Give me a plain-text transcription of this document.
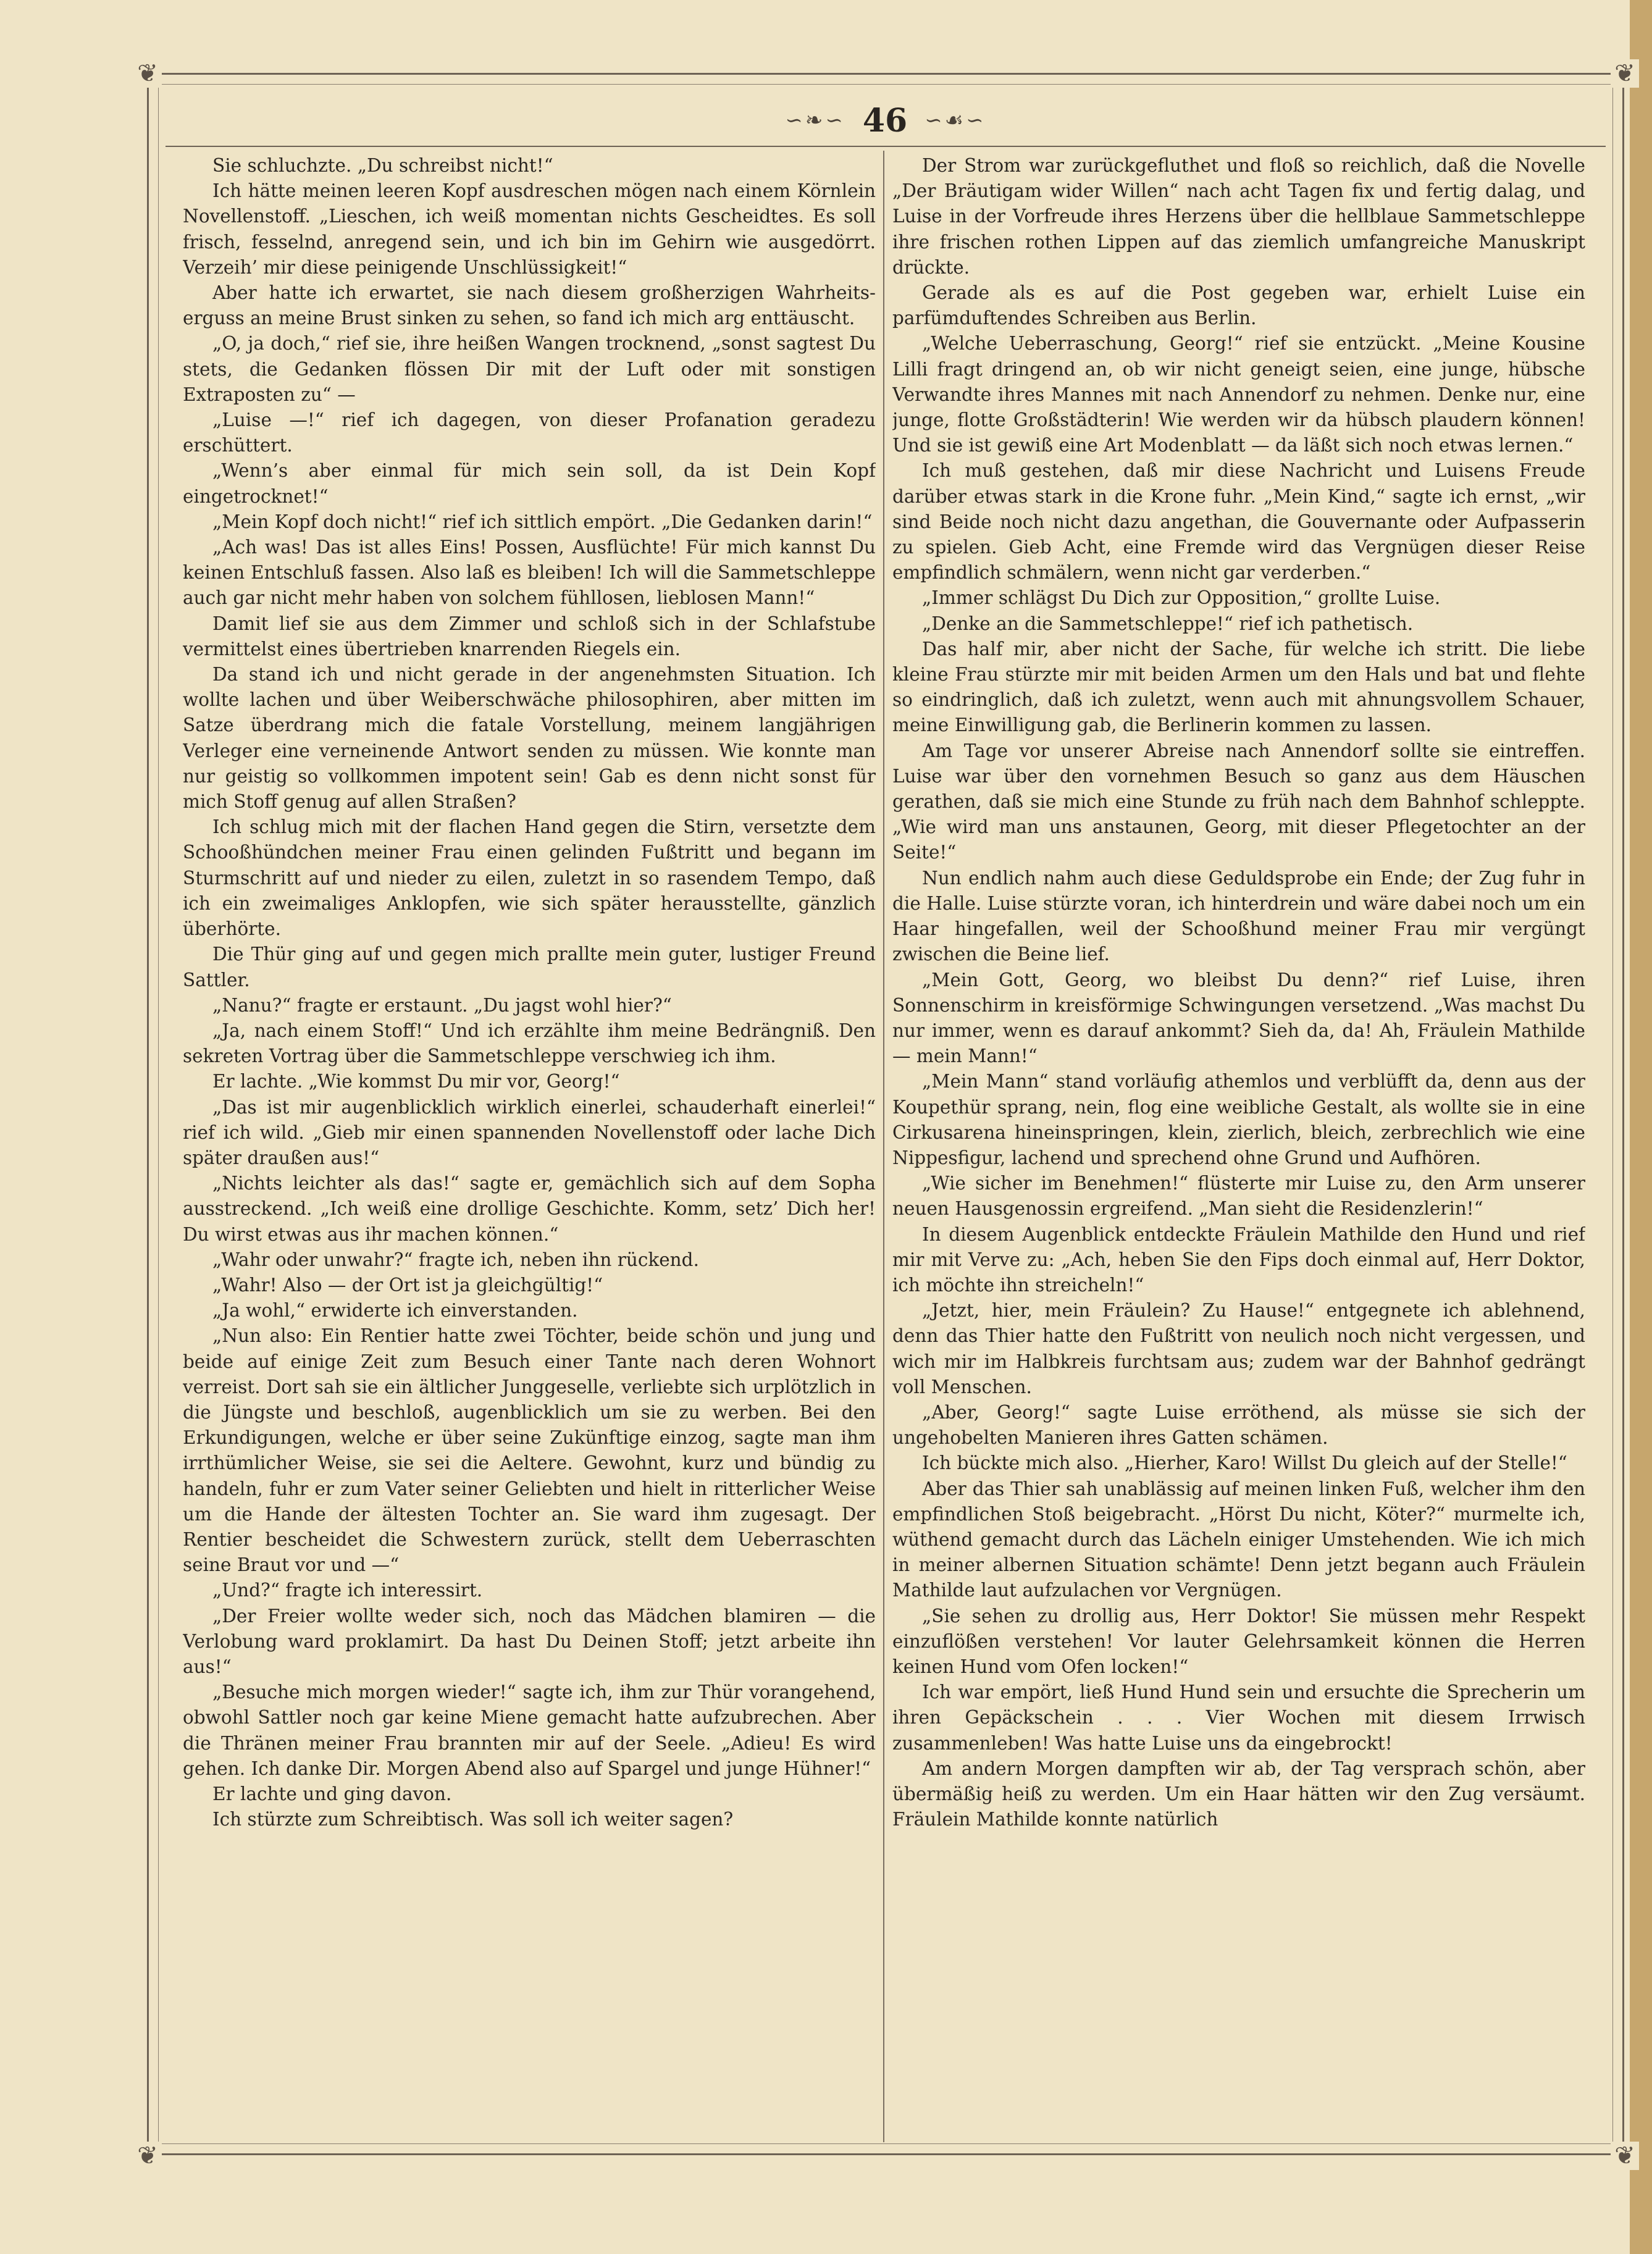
❦	❦
❦	❦
∽❧∽ 46 ∽☙∽

Sie schluchzte. „Du schreibst nicht!“

Ich hätte meinen leeren Kopf ausdreschen mögen nach einem Körnlein Novellenstoff. „Lieschen, ich weiß momentan nichts Gescheidtes. Es soll frisch, fesselnd, anregend sein, und ich bin im Gehirn wie ausgedörrt. Verzeih’ mir diese peinigende Unschlüssigkeit!“

Aber hatte ich erwartet, sie nach diesem großherzigen Wahrheitserguss an meine Brust sinken zu sehen, so fand ich mich arg enttäuscht.

„O, ja doch,“ rief sie, ihre heißen Wangen trocknend, „sonst sagtest Du stets, die Gedanken flössen Dir mit der Luft oder mit sonstigen Extraposten zu“ —

„Luise —!“ rief ich dagegen, von dieser Profanation geradezu erschüttert.

„Wenn’s aber einmal für mich sein soll, da ist Dein Kopf eingetrocknet!“

„Mein Kopf doch nicht!“ rief ich sittlich empört. „Die Gedanken darin!“

„Ach was! Das ist alles Eins! Possen, Ausflüchte! Für mich kannst Du keinen Entschluß fassen. Also laß es bleiben! Ich will die Sammetschleppe auch gar nicht mehr haben von solchem fühllosen, lieblosen Mann!“

Damit lief sie aus dem Zimmer und schloß sich in der Schlafstube vermittelst eines übertrieben knarrenden Riegels ein.

Da stand ich und nicht gerade in der angenehmsten Situation. Ich wollte lachen und über Weiberschwäche philosophiren, aber mitten im Satze überdrang mich die fatale Vorstellung, meinem langjährigen Verleger eine verneinende Antwort senden zu müssen. Wie konnte man nur geistig so vollkommen impotent sein! Gab es denn nicht sonst für mich Stoff genug auf allen Straßen?

Ich schlug mich mit der flachen Hand gegen die Stirn, versetzte dem Schooßhündchen meiner Frau einen gelinden Fußtritt und begann im Sturmschritt auf und nieder zu eilen, zuletzt in so rasendem Tempo, daß ich ein zweimaliges Anklopfen, wie sich später herausstellte, gänzlich überhörte.

Die Thür ging auf und gegen mich prallte mein guter, lustiger Freund Sattler.

„Nanu?“ fragte er erstaunt. „Du jagst wohl hier?“

„Ja, nach einem Stoff!“ Und ich erzählte ihm meine Bedrängniß. Den sekreten Vortrag über die Sammetschleppe verschwieg ich ihm.

Er lachte. „Wie kommst Du mir vor, Georg!“

„Das ist mir augenblicklich wirklich einerlei, schauderhaft einerlei!“ rief ich wild. „Gieb mir einen spannenden Novellenstoff oder lache Dich später draußen aus!“

„Nichts leichter als das!“ sagte er, gemächlich sich auf dem Sopha ausstreckend. „Ich weiß eine drollige Geschichte. Komm, setz’ Dich her! Du wirst etwas aus ihr machen können.“

„Wahr oder unwahr?“ fragte ich, neben ihn rückend.

„Wahr! Also — der Ort ist ja gleichgültig!“

„Ja wohl,“ erwiderte ich einverstanden.

„Nun also: Ein Rentier hatte zwei Töchter, beide schön und jung und beide auf einige Zeit zum Besuch einer Tante nach deren Wohnort verreist. Dort sah sie ein ältlicher Junggeselle, verliebte sich urplötzlich in die Jüngste und beschloß, augenblicklich um sie zu werben. Bei den Erkundigungen, welche er über seine Zukünftige einzog, sagte man ihm irrthümlicher Weise, sie sei die Aeltere. Gewohnt, kurz und bündig zu handeln, fuhr er zum Vater seiner Geliebten und hielt in ritterlicher Weise um die Hande der ältesten Tochter an. Sie ward ihm zugesagt. Der Rentier bescheidet die Schwestern zurück, stellt dem Ueberraschten seine Braut vor und —“

„Und?“ fragte ich interessirt.

„Der Freier wollte weder sich, noch das Mädchen blamiren — die Verlobung ward proklamirt. Da hast Du Deinen Stoff; jetzt arbeite ihn aus!“

„Besuche mich morgen wieder!“ sagte ich, ihm zur Thür vorangehend, obwohl Sattler noch gar keine Miene gemacht hatte aufzubrechen. Aber die Thränen meiner Frau brannten mir auf der Seele. „Adieu! Es wird gehen. Ich danke Dir. Morgen Abend also auf Spargel und junge Hühner!“

Er lachte und ging davon.

Ich stürzte zum Schreibtisch. Was soll ich weiter sagen?

Der Strom war zurückgefluthet und floß so reichlich, daß die Novelle „Der Bräutigam wider Willen“ nach acht Tagen fix und fertig dalag, und Luise in der Vorfreude ihres Herzens über die hellblaue Sammetschleppe ihre frischen rothen Lippen auf das ziemlich umfangreiche Manuskript drückte.

Gerade als es auf die Post gegeben war, erhielt Luise ein parfümduftendes Schreiben aus Berlin.

„Welche Ueberraschung, Georg!“ rief sie entzückt. „Meine Kousine Lilli fragt dringend an, ob wir nicht geneigt seien, eine junge, hübsche Verwandte ihres Mannes mit nach Annendorf zu nehmen. Denke nur, eine junge, flotte Großstädterin! Wie werden wir da hübsch plaudern können! Und sie ist gewiß eine Art Modenblatt — da läßt sich noch etwas lernen.“

Ich muß gestehen, daß mir diese Nachricht und Luisens Freude darüber etwas stark in die Krone fuhr. „Mein Kind,“ sagte ich ernst, „wir sind Beide noch nicht dazu angethan, die Gouvernante oder Aufpasserin zu spielen. Gieb Acht, eine Fremde wird das Vergnügen dieser Reise empfindlich schmälern, wenn nicht gar verderben.“

„Immer schlägst Du Dich zur Opposition,“ grollte Luise.

„Denke an die Sammetschleppe!“ rief ich pathetisch.

Das half mir, aber nicht der Sache, für welche ich stritt. Die liebe kleine Frau stürzte mir mit beiden Armen um den Hals und bat und flehte so eindringlich, daß ich zuletzt, wenn auch mit ahnungsvollem Schauer, meine Einwilligung gab, die Berlinerin kommen zu lassen.

Am Tage vor unserer Abreise nach Annendorf sollte sie eintreffen. Luise war über den vornehmen Besuch so ganz aus dem Häuschen gerathen, daß sie mich eine Stunde zu früh nach dem Bahnhof schleppte. „Wie wird man uns anstaunen, Georg, mit dieser Pflegetochter an der Seite!“

Nun endlich nahm auch diese Geduldsprobe ein Ende; der Zug fuhr in die Halle. Luise stürzte voran, ich hinterdrein und wäre dabei noch um ein Haar hingefallen, weil der Schooßhund meiner Frau mir vergüngt zwischen die Beine lief.

„Mein Gott, Georg, wo bleibst Du denn?“ rief Luise, ihren Sonnenschirm in kreisförmige Schwingungen versetzend. „Was machst Du nur immer, wenn es darauf ankommt? Sieh da, da! Ah, Fräulein Mathilde — mein Mann!“

„Mein Mann“ stand vorläufig athemlos und verblüfft da, denn aus der Koupethür sprang, nein, flog eine weibliche Gestalt, als wollte sie in eine Cirkusarena hineinspringen, klein, zierlich, bleich, zerbrechlich wie eine Nippesfigur, lachend und sprechend ohne Grund und Aufhören.

„Wie sicher im Benehmen!“ flüsterte mir Luise zu, den Arm unserer neuen Hausgenossin ergreifend. „Man sieht die Residenzlerin!“

In diesem Augenblick entdeckte Fräulein Mathilde den Hund und rief mir mit Verve zu: „Ach, heben Sie den Fips doch einmal auf, Herr Doktor, ich möchte ihn streicheln!“

„Jetzt, hier, mein Fräulein? Zu Hause!“ entgegnete ich ablehnend, denn das Thier hatte den Fußtritt von neulich noch nicht vergessen, und wich mir im Halbkreis furchtsam aus; zudem war der Bahnhof gedrängt voll Menschen.

„Aber, Georg!“ sagte Luise erröthend, als müsse sie sich der ungehobelten Manieren ihres Gatten schämen.

Ich bückte mich also. „Hierher, Karo! Willst Du gleich auf der Stelle!“

Aber das Thier sah unablässig auf meinen linken Fuß, welcher ihm den empfindlichen Stoß beigebracht. „Hörst Du nicht, Köter?“ murmelte ich, wüthend gemacht durch das Lächeln einiger Umstehenden. Wie ich mich in meiner albernen Situation schämte! Denn jetzt begann auch Fräulein Mathilde laut aufzulachen vor Vergnügen.

„Sie sehen zu drollig aus, Herr Doktor! Sie müssen mehr Respekt einzuflößen verstehen! Vor lauter Gelehrsamkeit können die Herren keinen Hund vom Ofen locken!“

Ich war empört, ließ Hund Hund sein und ersuchte die Sprecherin um ihren Gepäckschein . . . Vier Wochen mit diesem Irrwisch zusammenleben! Was hatte Luise uns da eingebrockt!

Am andern Morgen dampften wir ab, der Tag versprach schön, aber übermäßig heiß zu werden. Um ein Haar hätten wir den Zug versäumt. Fräulein Mathilde konnte natürlich
